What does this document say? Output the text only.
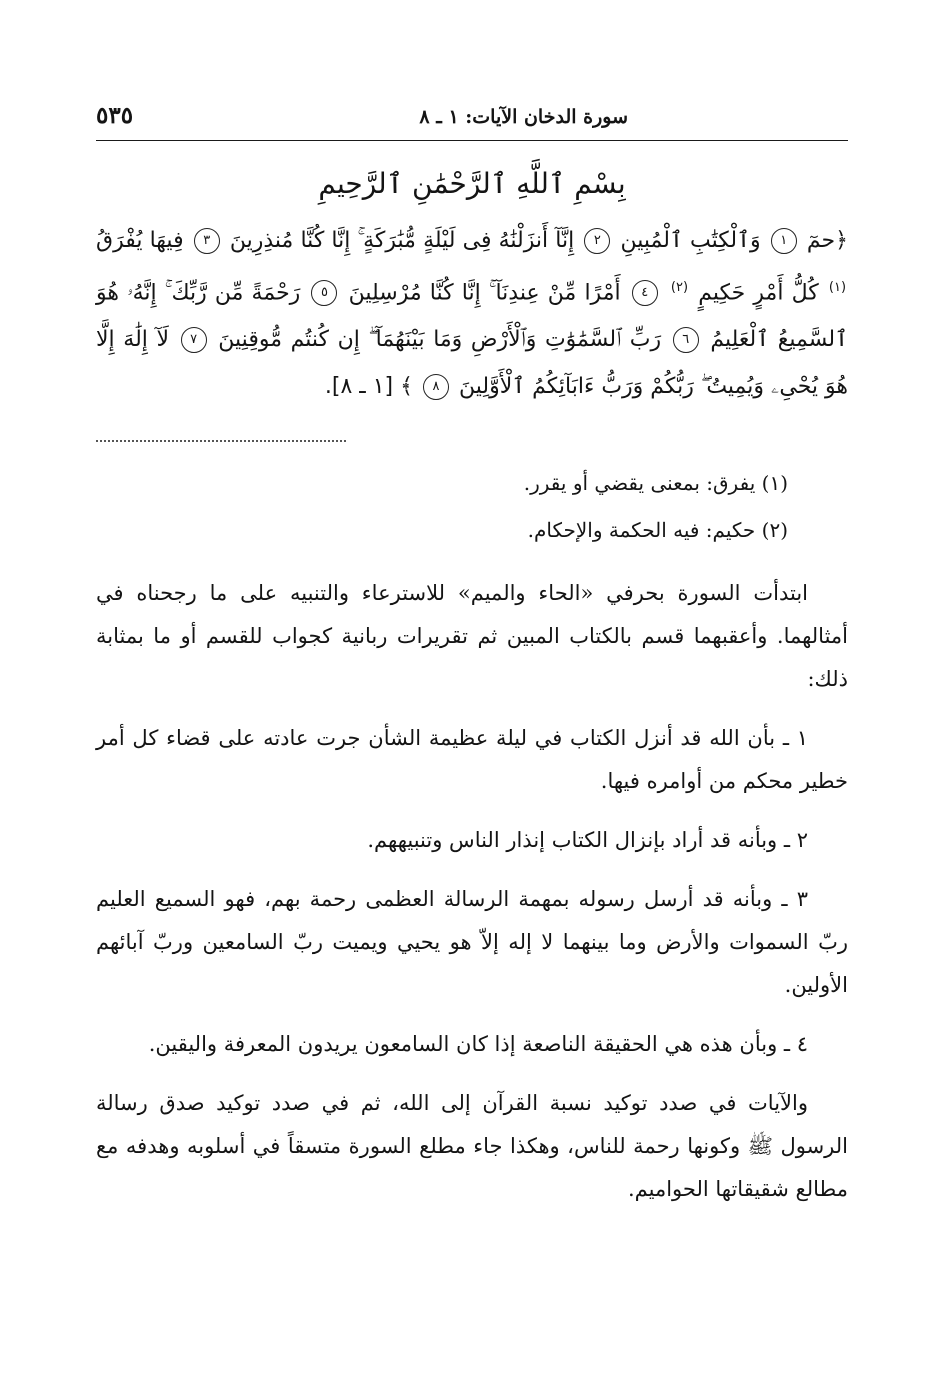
سورة الدخان الآيات: ١ ـ ٨
٥٣٥
بِسْمِ ٱللَّهِ ٱلرَّحْمَٰنِ ٱلرَّحِيمِ
﴿حمٓ ١ وَٱلْكِتَٰبِ ٱلْمُبِينِ ٢ إِنَّآ أَنزَلْنَٰهُ فِى لَيْلَةٍ مُّبَٰرَكَةٍ ۚ إِنَّا كُنَّا مُنذِرِينَ ٣ فِيهَا يُفْرَقُ $^{(١)}$ كُلُّ أَمْرٍ حَكِيمٍ $^{(٢)}$ ٤ أَمْرًا مِّنْ عِندِنَآ ۚ إِنَّا كُنَّا مُرْسِلِينَ ٥ رَحْمَةً مِّن رَّبِّكَ ۚ إِنَّهُۥ هُوَ ٱلسَّمِيعُ ٱلْعَلِيمُ ٦ رَبِّ ٱلسَّمَٰوَٰتِ وَٱلْأَرْضِ وَمَا بَيْنَهُمَآ ۖ إِن كُنتُم مُّوقِنِينَ ٧ لَآ إِلَٰهَ إِلَّا هُوَ يُحْىِۦ وَيُمِيتُ ۖ رَبُّكُمْ وَرَبُّ ءَابَآئِكُمُ ٱلْأَوَّلِينَ ٨ ﴾ [١ ـ ٨].
(١) يفرق: بمعنى يقضي أو يقرر.
(٢) حكيم: فيه الحكمة والإحكام.

ابتدأت السورة بحرفي «الحاء والميم» للاسترعاء والتنبيه على ما رجحناه في أمثالهما. وأعقبهما قسم بالكتاب المبين ثم تقريرات ربانية كجواب للقسم أو ما بمثابة ذلك:

١ ـ بأن الله قد أنزل الكتاب في ليلة عظيمة الشأن جرت عادته على قضاء كل أمر خطير محكم من أوامره فيها.

٢ ـ وبأنه قد أراد بإنزال الكتاب إنذار الناس وتنبيههم.

٣ ـ وبأنه قد أرسل رسوله بمهمة الرسالة العظمى رحمة بهم، فهو السميع العليم ربّ السموات والأرض وما بينهما لا إله إلاّ هو يحيي ويميت ربّ السامعين وربّ آبائهم الأولين.

٤ ـ وبأن هذه هي الحقيقة الناصعة إذا كان السامعون يريدون المعرفة واليقين.

والآيات في صدد توكيد نسبة القرآن إلى الله، ثم في صدد توكيد صدق رسالة الرسول ﷺ وكونها رحمة للناس، وهكذا جاء مطلع السورة متسقاً في أسلوبه وهدفه مع مطالع شقيقاتها الحواميم.
